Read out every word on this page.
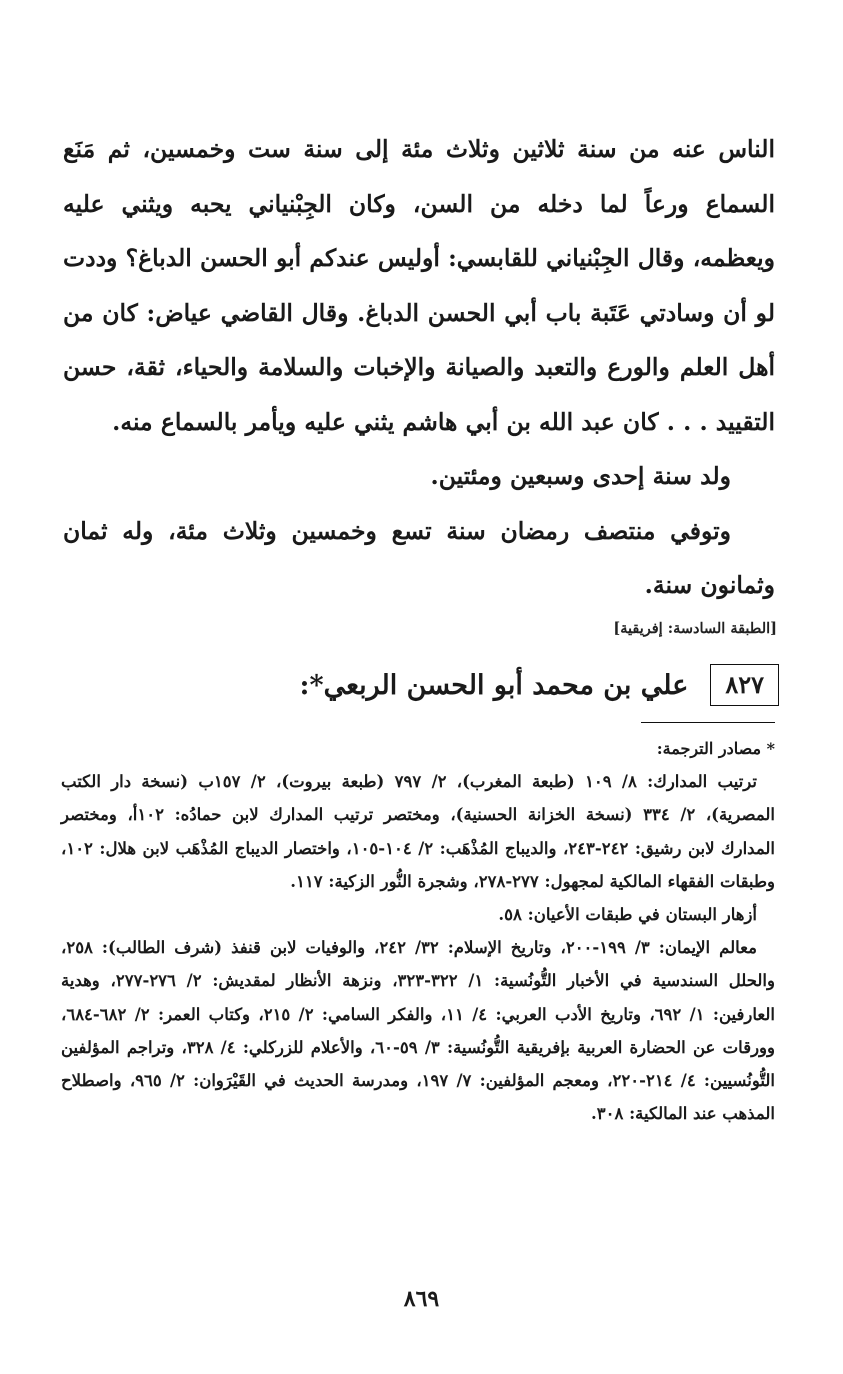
الناس عنه من سنة ثلاثين وثلاث مئة إلى سنة ست وخمسين، ثم مَنَع السماع ورعاً لما دخله من السن، وكان الجِبْنياني يحبه ويثني عليه ويعظمه، وقال الجِبْنياني للقابسي: أوليس عندكم أبو الحسن الدباغ؟ وددت لو أن وسادتي عَتَبة باب أبي الحسن الدباغ. وقال القاضي عياض: كان من أهل العلم والورع والتعبد والصيانة والإخبات والسلامة والحياء، ثقة، حسن التقييد . . . كان عبد الله بن أبي هاشم يثني عليه ويأمر بالسماع منه.

ولد سنة إحدى وسبعين ومئتين.

وتوفي منتصف رمضان سنة تسع وخمسين وثلاث مئة، وله ثمان وثمانون سنة.

[الطبقة السادسة: إفريقية]
٨٢٧
علي بن محمد أبو الحسن الربعي*:

* مصادر الترجمة:

ترتيب المدارك: ٨/ ١٠٩ (طبعة المغرب)، ٢/ ٧٩٧ (طبعة بيروت)، ٢/ ١٥٧ب (نسخة دار الكتب المصرية)، ٢/ ٣٣٤ (نسخة الخزانة الحسنية)، ومختصر ترتيب المدارك لابن حمادُه: ١٠٢أ، ومختصر المدارك لابن رشيق: ٢٤٢-٢٤٣، والديباج المُذْهَب: ٢/ ١٠٤-١٠٥، واختصار الديباج المُذْهَب لابن هلال: ١٠٢، وطبقات الفقهاء المالكية لمجهول: ٢٧٧-٢٧٨، وشجرة النُّور الزكية: ١١٧.

أزهار البستان في طبقات الأعيان: ٥٨.

معالم الإيمان: ٣/ ١٩٩-٢٠٠، وتاريخ الإسلام: ٣٢/ ٢٤٢، والوفيات لابن قنفذ (شرف الطالب): ٢٥٨، والحلل السندسية في الأخبار التُّونُسية: ١/ ٣٢٢-٣٢٣، ونزهة الأنظار لمقديش: ٢/ ٢٧٦-٢٧٧، وهدية العارفين: ١/ ٦٩٢، وتاريخ الأدب العربي: ٤/ ١١، والفكر السامي: ٢/ ٢١٥، وكتاب العمر: ٢/ ٦٨٢-٦٨٤، وورقات عن الحضارة العربية بإفريقية التُّونُسية: ٣/ ٥٩-٦٠، والأعلام للزركلي: ٤/ ٣٢٨، وتراجم المؤلفين التُّونُسيين: ٤/ ٢١٤-٢٢٠، ومعجم المؤلفين: ٧/ ١٩٧، ومدرسة الحديث في القَيْرَوان: ٢/ ٩٦٥، واصطلاح المذهب عند المالكية: ٣٠٨.

٨٦٩
